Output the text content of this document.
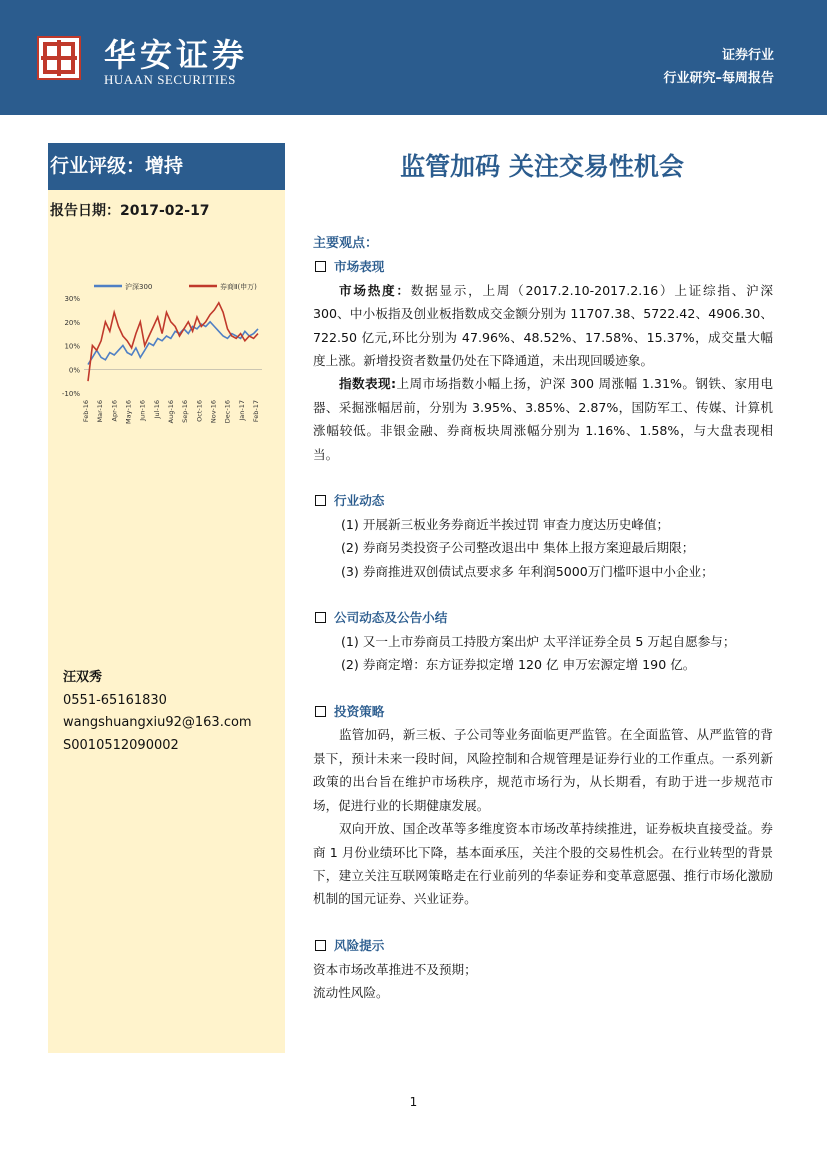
华安证券
HUAAN SECURITIES
证券行业
行业研究–每周报告
行业评级：增持
报告日期：2017-02-17
沪深300	券商Ⅱ(申万)
30%
20%
10%
0%
-10%
Feb-16 Mar-16 Apr-16 May-16 Jun-16 Jul-16 Aug-16 Sep-16 Oct-16 Nov-16 Dec-16 Jan-17 Feb-17
汪双秀
0551-65161830
wangshuangxiu92@163.com
S0010512090002
监管加码 关注交易性机会
主要观点：
市场表现
市场热度：数据显示，上周（2017.2.10-2017.2.16）上证综指、沪深 300、中小板指及创业板指数成交金额分别为 11707.38、5722.42、4906.30、722.50 亿元,环比分别为 47.96%、48.52%、17.58%、15.37%，成交量大幅度上涨。新增投资者数量仍处在下降通道，未出现回暖迹象。
指数表现:上周市场指数小幅上扬，沪深 300 周涨幅 1.31%。钢铁、家用电器、采掘涨幅居前，分别为 3.95%、3.85%、2.87%，国防军工、传媒、计算机涨幅较低。非银金融、券商板块周涨幅分别为 1.16%、1.58%，与大盘表现相当。
行业动态
(1) 开展新三板业务券商近半挨过罚 审查力度达历史峰值；
(2) 券商另类投资子公司整改退出中 集体上报方案迎最后期限；
(3) 券商推进双创债试点要求多 年利润5000万门槛吓退中小企业；
公司动态及公告小结
(1) 又一上市券商员工持股方案出炉 太平洋证券全员 5 万起自愿参与；
(2) 券商定增：东方证券拟定增 120 亿 申万宏源定增 190 亿。
投资策略
监管加码，新三板、子公司等业务面临更严监管。在全面监管、从严监管的背景下，预计未来一段时间，风险控制和合规管理是证券行业的工作重点。一系列新政策的出台旨在维护市场秩序，规范市场行为，从长期看，有助于进一步规范市场，促进行业的长期健康发展。
双向开放、国企改革等多维度资本市场改革持续推进，证券板块直接受益。券商 1 月份业绩环比下降，基本面承压，关注个股的交易性机会。在行业转型的背景下，建立关注互联网策略走在行业前列的华泰证券和变革意愿强、推行市场化激励机制的国元证券、兴业证券。
风险提示
资本市场改革推进不及预期；
流动性风险。
1
